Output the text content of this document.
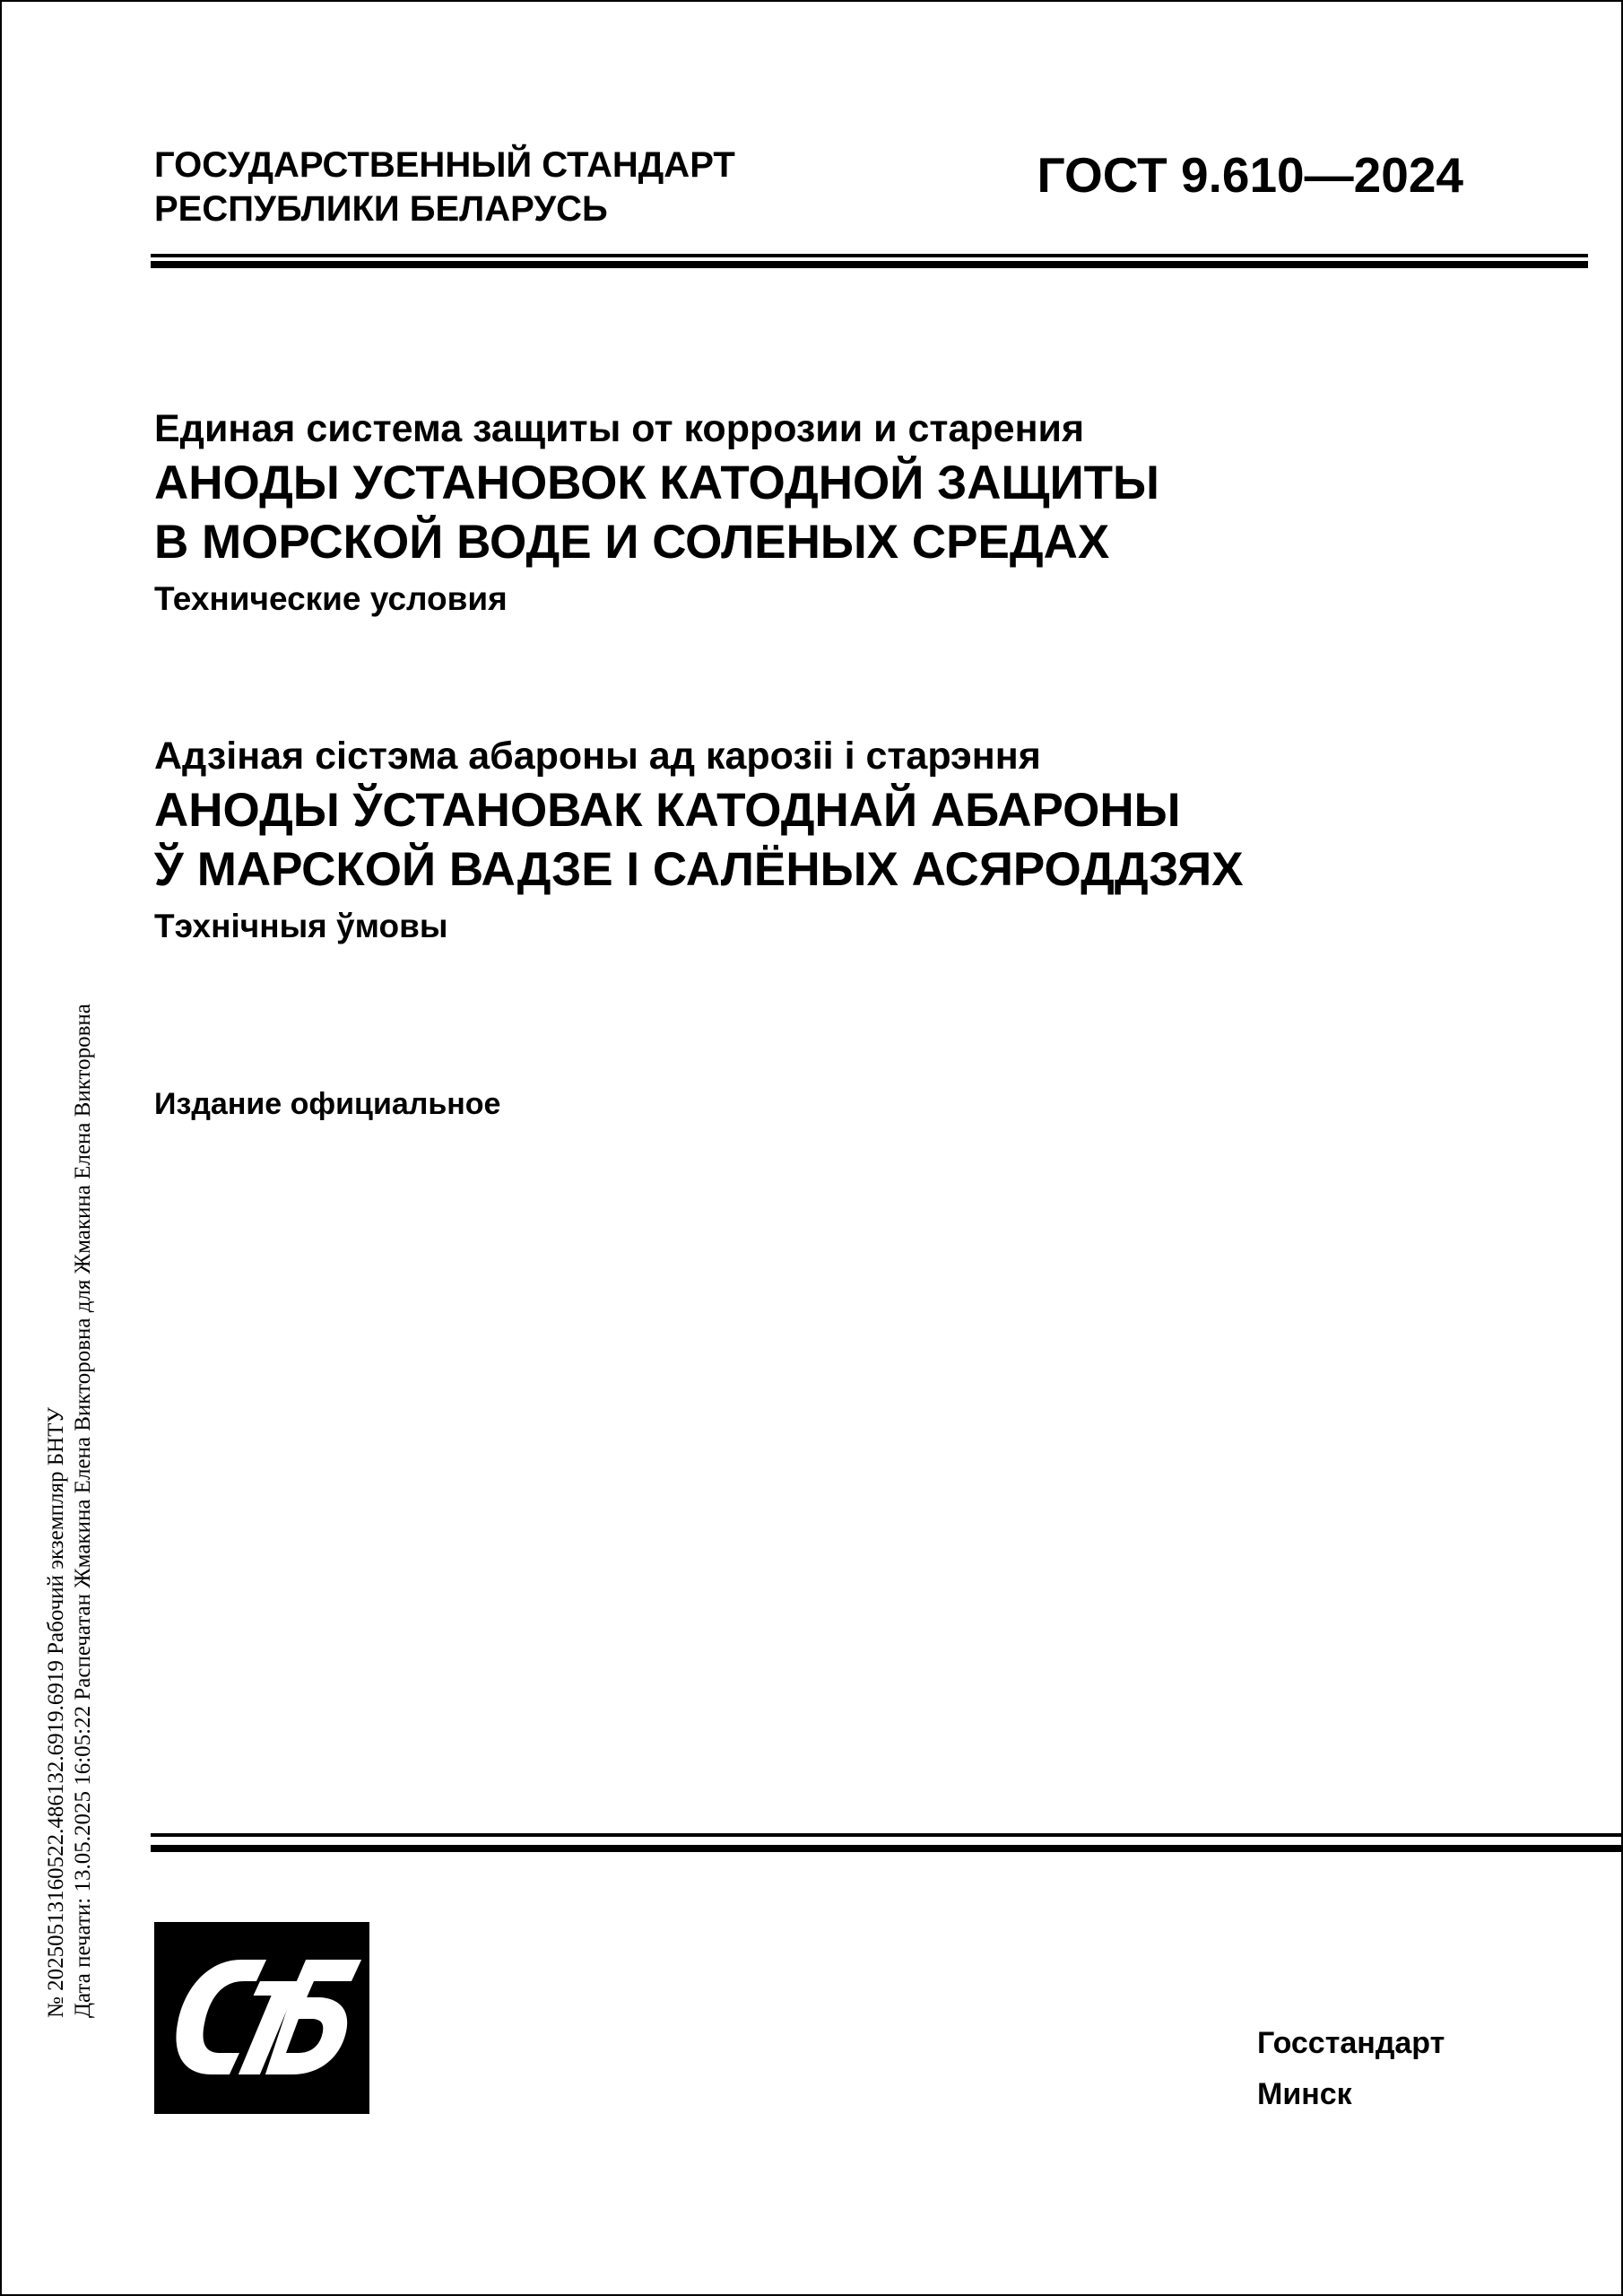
ГОСУДАРСТВЕННЫЙ СТАНДАРТ
РЕСПУБЛИКИ БЕЛАРУСЬ
ГОСТ 9.610—2024
Единая система защиты от коррозии и старения
АНОДЫ УСТАНОВОК КАТОДНОЙ ЗАЩИТЫ
В МОРСКОЙ ВОДЕ И СОЛЕНЫХ СРЕДАХ
Технические условия
Адзіная сістэма абароны ад карозіі і старэння
АНОДЫ ЎСТАНОВАК КАТОДНАЙ АБАРОНЫ
Ў МАРСКОЙ ВАДЗЕ І САЛЁНЫХ АСЯРОДДЗЯХ
Тэхнічныя ўмовы
Издание официальное
Госстандарт
Минск
№ 20250513160522.486132.6919.6919 Рабочий экземпляр БНТУ Дата печати: 13.05.2025 16:05:22 Распечатан Жмакина Елена Викторовна для Жмакина Елена Викторовна
